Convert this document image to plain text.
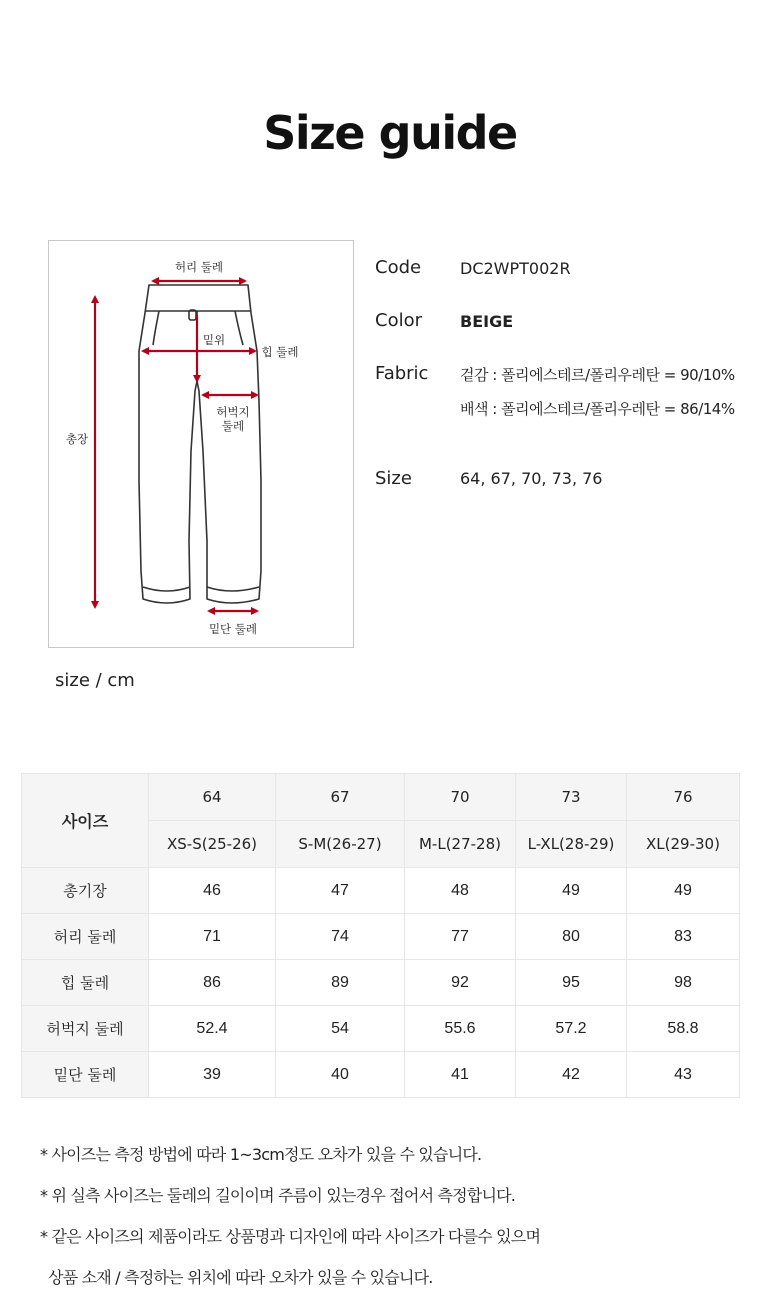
Size guide
허리 둘레
밑위
힙 둘레
허벅지
둘레
총장
밑단 둘레
size / cm
Code DC2WPT002R
Color BEIGE
Fabric 겉감 : 폴리에스테르/폴리우레탄 = 90/10%
배색 : 폴리에스테르/폴리우레탄 = 86/14%
Size	64, 67, 70, 73, 76
사이즈	64	67	70	73	76
	XS-S(25-26)	S-M(26-27)	M-L(27-28)	L-XL(28-29)	XL(29-30)
총기장	46	47	48	49	49
허리 둘레	71	74	77	80	83
힙 둘레	86	89	92	95	98
허벅지 둘레	52.4	54	55.6	57.2	58.8
밑단 둘레	39	40	41	42	43
* 사이즈는 측정 방법에 따라 1~3cm정도 오차가 있을 수 있습니다.
* 위 실측 사이즈는 둘레의 길이이며 주름이 있는경우 접어서 측정합니다.
* 같은 사이즈의 제품이라도 상품명과 디자인에 따라 사이즈가 다를수 있으며
상품 소재 / 측정하는 위치에 따라 오차가 있을 수 있습니다.
